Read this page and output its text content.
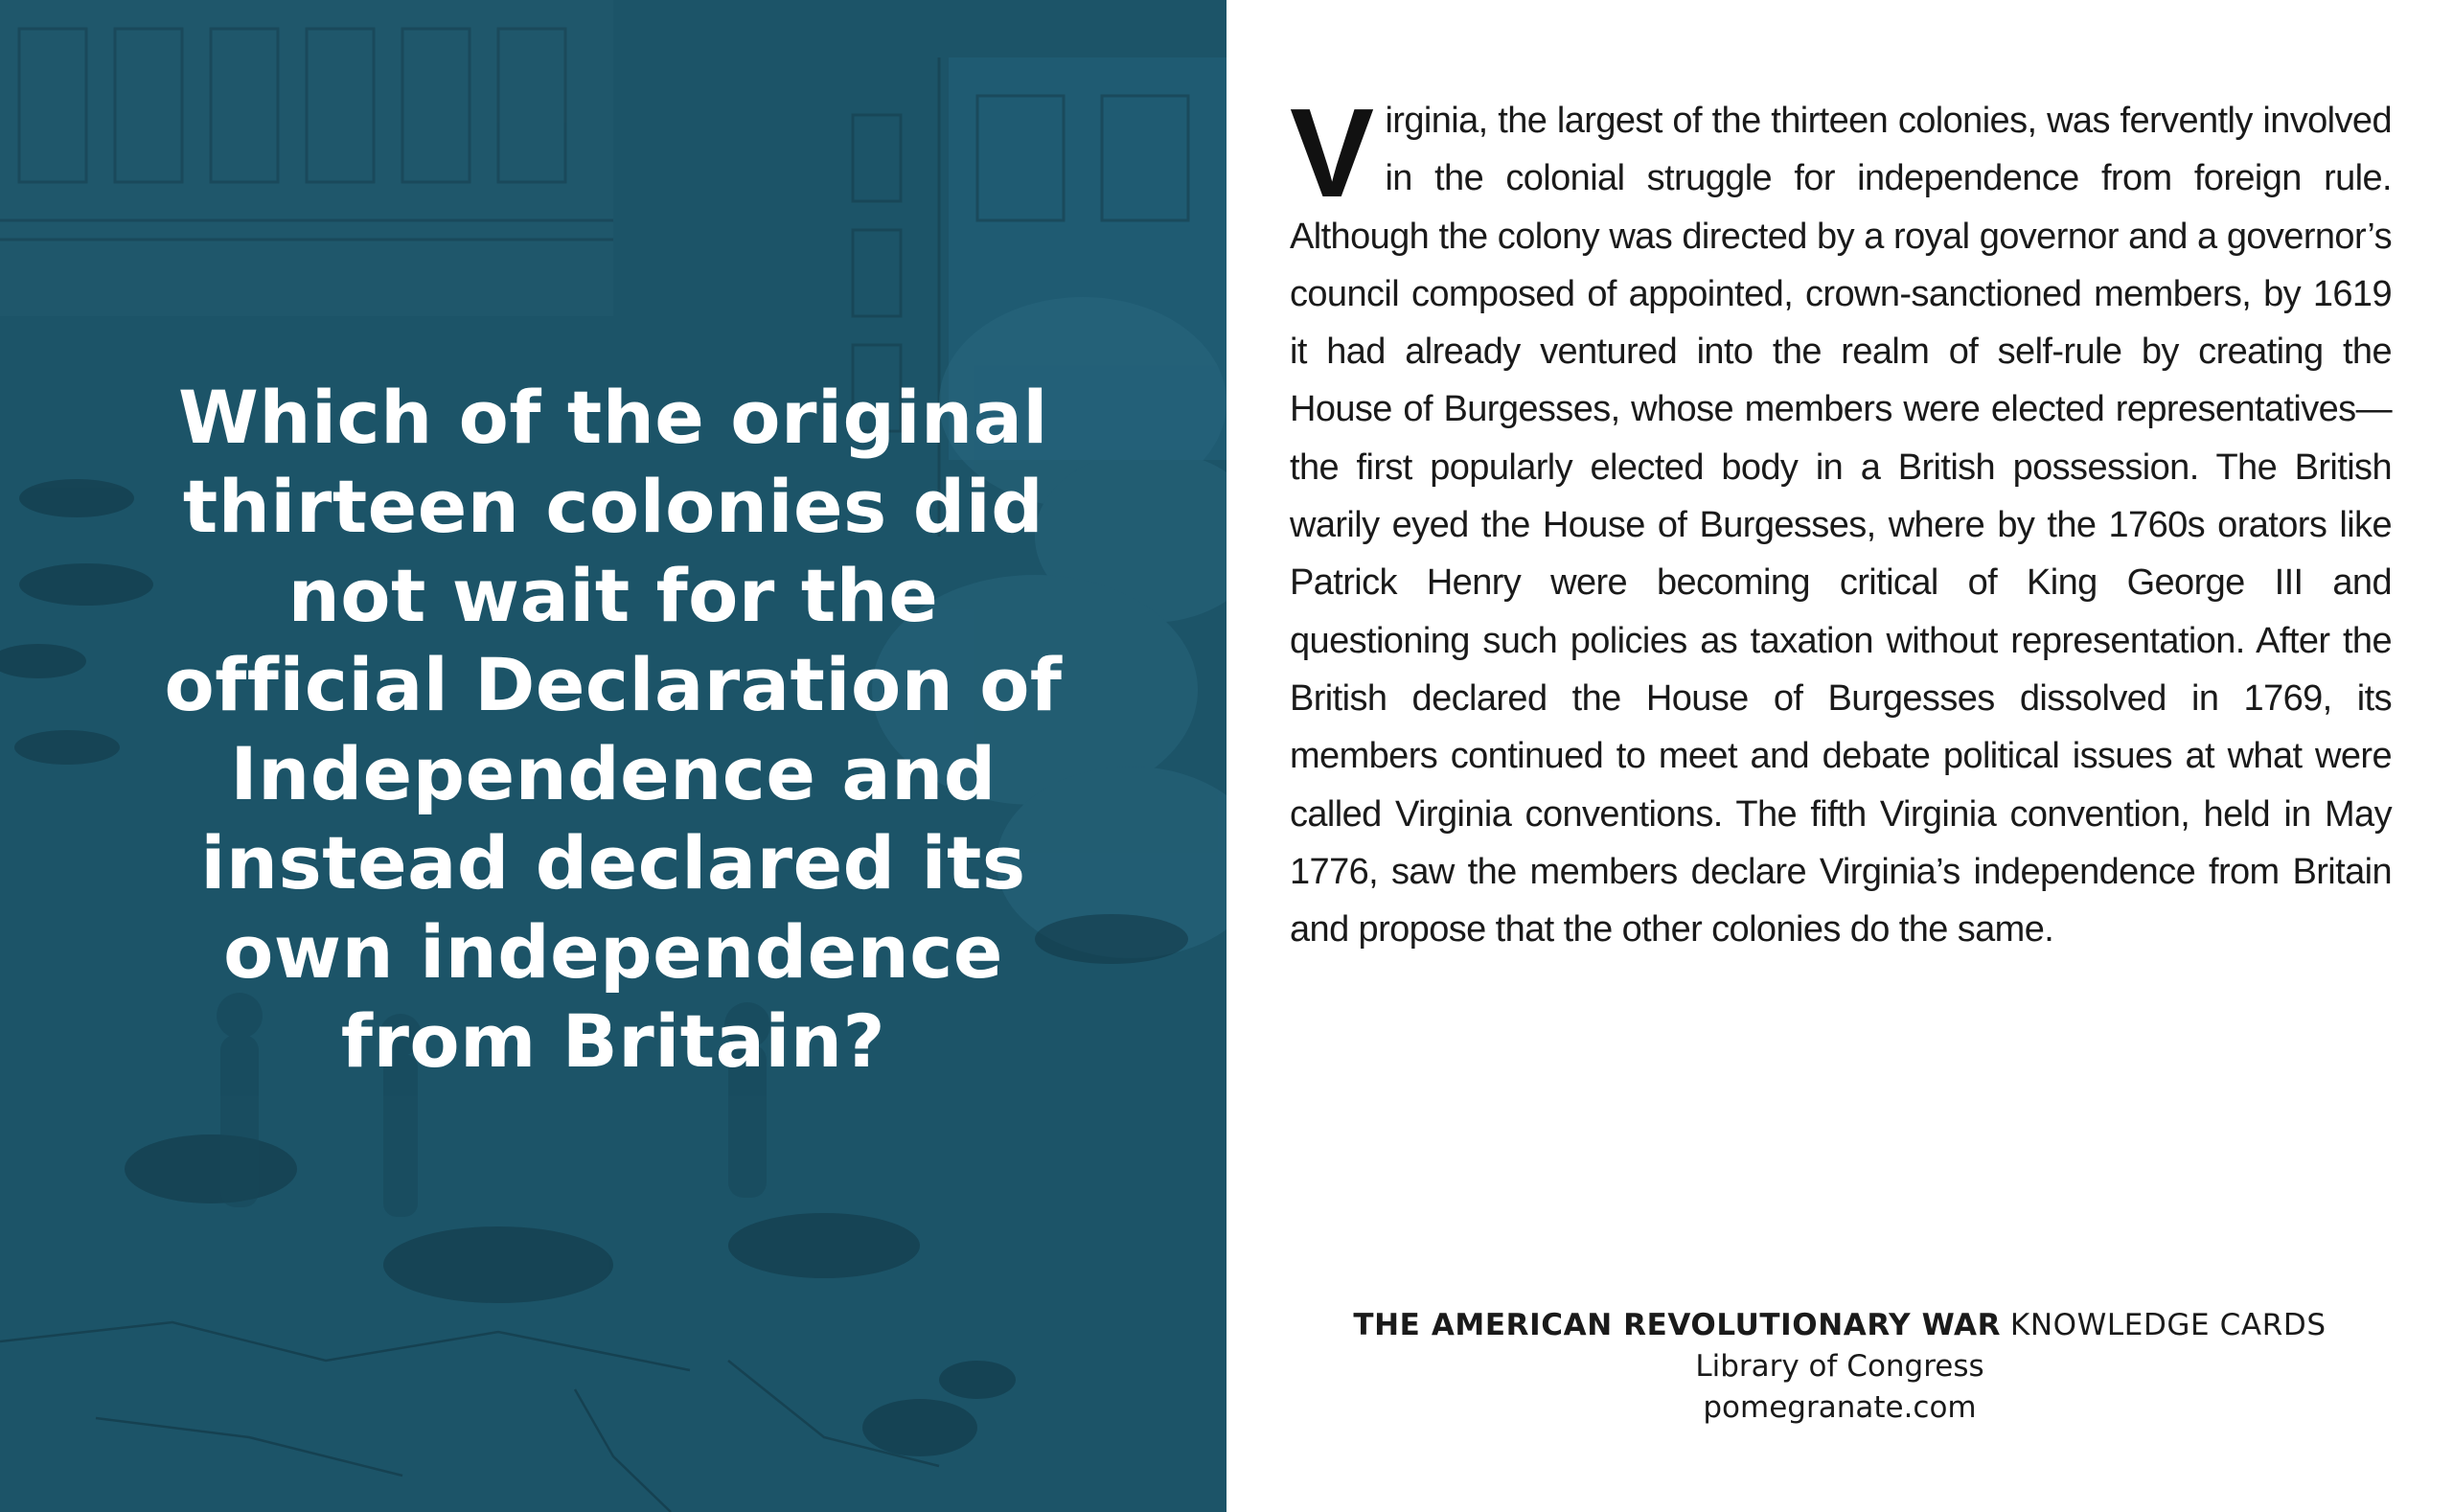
Which of the original thirteen colonies did not wait for the official Declaration of Independence and instead declared its own independence from Britain?

Virginia, the largest of the thirteen colonies, was fervently involved in the colonial struggle for independence from foreign rule. Although the colony was directed by a royal governor and a governor’s council composed of appointed, crown-sanctioned members, by 1619 it had already ventured into the realm of self-rule by creating the House of Burgesses, whose members were elected representatives—the first popularly elected body in a British possession. The British warily eyed the House of Burgesses, where by the 1760s orators like Patrick Henry were becoming critical of King George III and questioning such policies as taxation without representation. After the British declared the House of Burgesses dissolved in 1769, its members continued to meet and debate political issues at what were called Virginia conventions. The fifth Virginia convention, held in May 1776, saw the members declare Virginia’s independence from Britain and propose that the other colonies do the same.

THE AMERICAN REVOLUTIONARY WAR KNOWLEDGE CARDS
Library of Congress
pomegranate.com
